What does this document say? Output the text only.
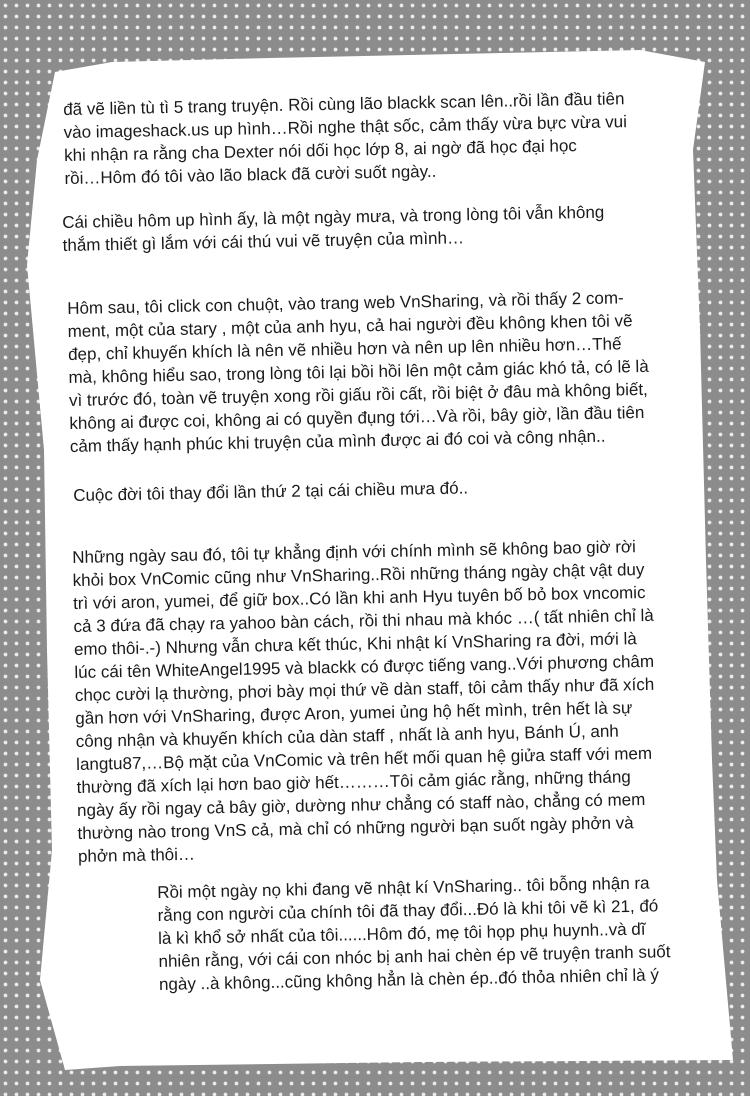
đã vẽ liền tù tì 5 trang truyện. Rồi cùng lão blackk scan lên..rồi lần đầu tiên
vào imageshack.us up hình…Rồi nghe thật sốc, cảm thấy vừa bực vừa vui
khi nhận ra rằng cha Dexter nói dối học lớp 8, ai ngờ đã học đại học
rồi…Hôm đó tôi vào lão black đã cười suốt ngày..
Cái chiều hôm up hình ấy, là một ngày mưa, và trong lòng tôi vẫn không
thắm thiết gì lắm với cái thú vui vẽ truyện của mình…
Hôm sau, tôi click con chuột, vào trang web VnSharing, và rồi thấy 2 com-
ment, một của stary , một của anh hyu, cả hai người đều không khen tôi vẽ
đẹp, chỉ khuyến khích là nên vẽ nhiều hơn và nên up lên nhiều hơn…Thế
mà, không hiểu sao, trong lòng tôi lại bồi hồi lên một cảm giác khó tả, có lẽ là
vì trước đó, toàn vẽ truyện xong rồi giấu rồi cất, rồi biệt ở đâu mà không biết,
không ai được coi, không ai có quyền đụng tới…Và rồi, bây giờ, lần đầu tiên
cảm thấy hạnh phúc khi truyện của mình được ai đó coi và công nhận..
Cuộc đời tôi thay đổi lần thứ 2 tại cái chiều mưa đó..
Những ngày sau đó, tôi tự khẳng định với chính mình sẽ không bao giờ rời
khỏi box VnComic cũng như VnSharing..Rồi những tháng ngày chật vật duy
trì với aron, yumei, để giữ box..Có lần khi anh Hyu tuyên bố bỏ box vncomic
cả 3 đứa đã chạy ra yahoo bàn cách, rồi thi nhau mà khóc …( tất nhiên chỉ là
emo thôi-.-) Nhưng vẫn chưa kết thúc, Khi nhật kí VnSharing ra đời, mới là
lúc cái tên WhiteAngel1995 và blackk có được tiếng vang..Với phương châm
chọc cười lạ thường, phơi bày mọi thứ về dàn staff, tôi cảm thấy như đã xích
gần hơn với VnSharing, được Aron, yumei ủng hộ hết mình, trên hết là sự
công nhận và khuyến khích của dàn staff , nhất là anh hyu, Bánh Ú, anh
langtu87,…Bộ mặt của VnComic và trên hết mối quan hệ giửa staff với mem
thường đã xích lại hơn bao giờ hết………Tôi cảm giác rằng, những tháng
ngày ấy rồi ngay cả bây giờ, dường như chẳng có staff nào, chẳng có mem
thường nào trong VnS cả, mà chỉ có những người bạn suốt ngày phởn và
phởn mà thôi…
Rồi một ngày nọ khi đang vẽ nhật kí VnSharing.. tôi bỗng nhận ra
rằng con người của chính tôi đã thay đổi...Đó là khi tôi vẽ kì 21, đó
là kì khổ sở nhất của tôi......Hôm đó, mẹ tôi họp phụ huynh..và dĩ
nhiên rằng, với cái con nhóc bị anh hai chèn ép vẽ truyện tranh suốt
ngày ..à không...cũng không hẳn là chèn ép..đó thỏa nhiên chỉ là ý
